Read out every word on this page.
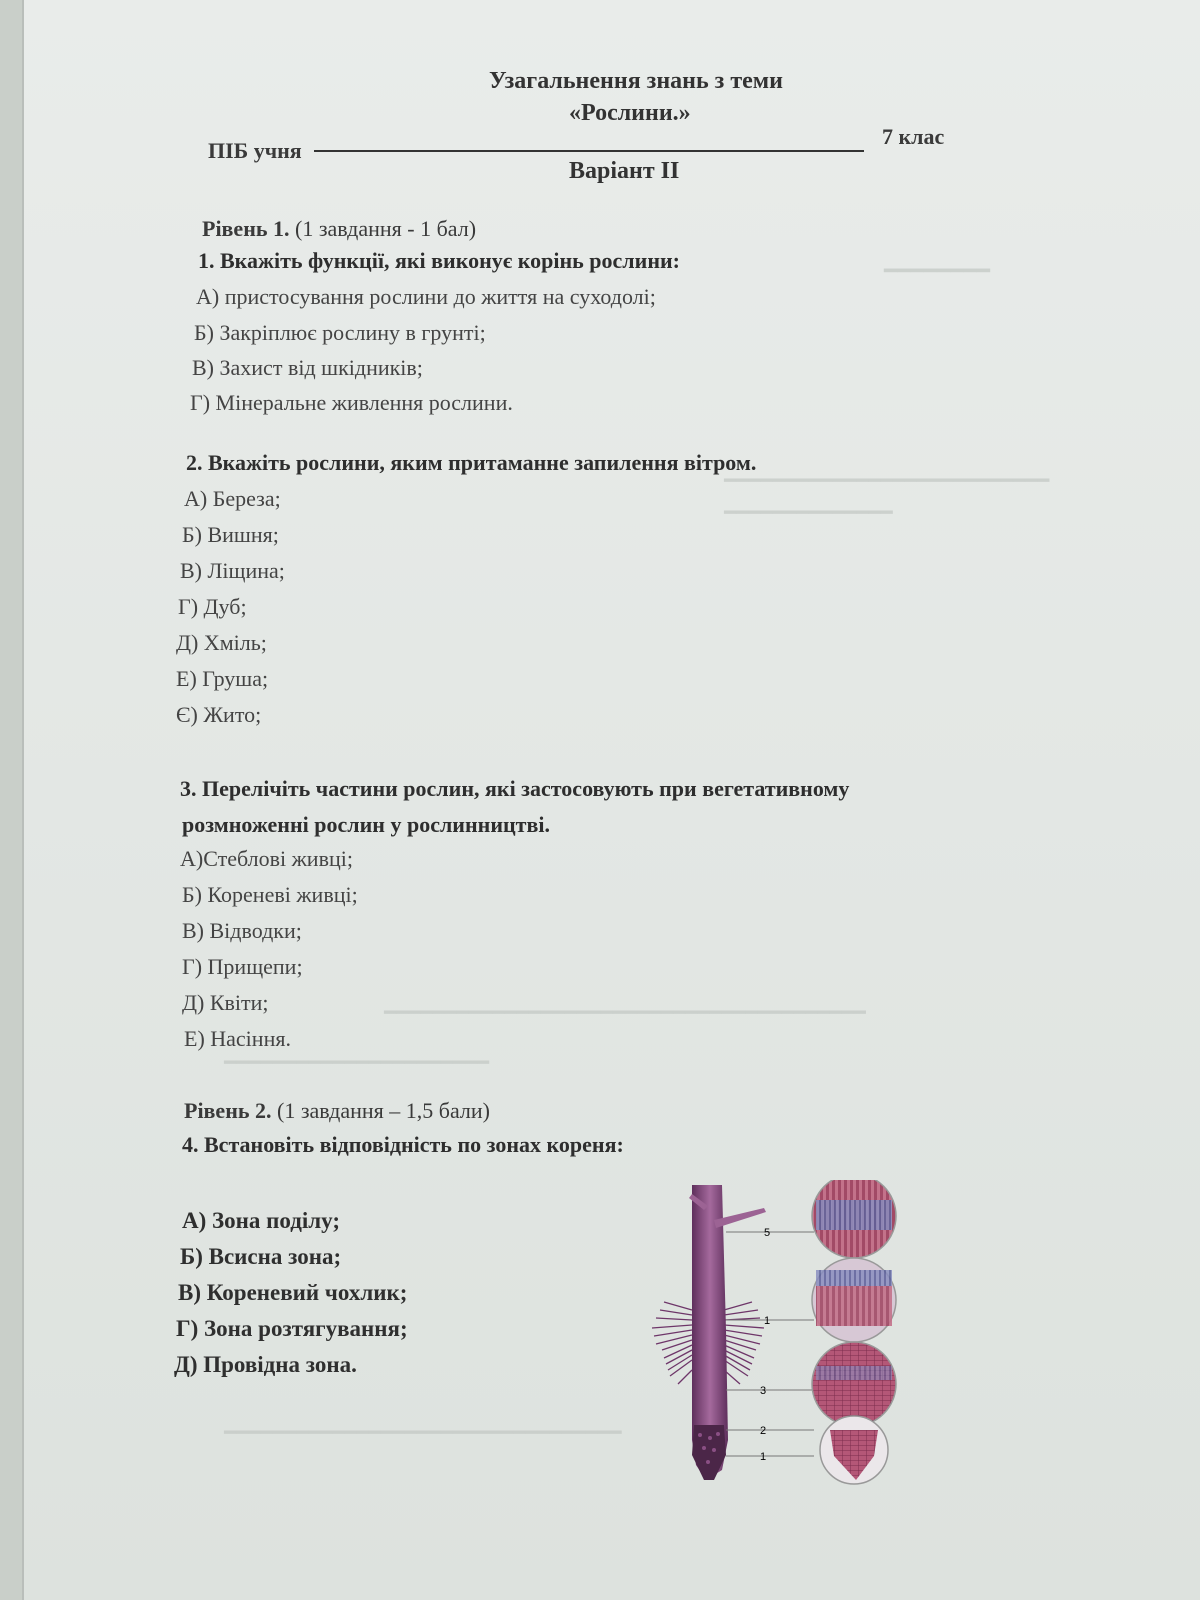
━━━━━━━━
━━━━━━━━━━━━━━━━━━━━━━━━━━━
━━━━━━━━━━━━━━
━━━━━━━━━━━━━━━━━━━━━━━━━━━━━━━━━━━━━━━━
━━━━━━━━━━━━━━━━━━━━━━
━━━━━━━━━━━━━━━━━━━━━━━━━━━━━━━━━
Узагальнення знань з теми
«Рослини.»
ПІБ учня
7 клас
Варіант ІІ
Рівень 1. (1 завдання - 1 бал)
1. Вкажіть функції, які виконує корінь рослини:
А) пристосування рослини до життя на суходолі;
Б) Закріплює рослину в грунті;
В) Захист від шкідників;
Г) Мінеральне живлення рослини.
2. Вкажіть рослини, яким притаманне запилення вітром.
А) Береза;
Б) Вишня;
В) Ліщина;
Г) Дуб;
Д) Хміль;
Е) Груша;
Є) Жито;
3. Перелічіть частини рослин, які застосовують при вегетативному
розмноженні рослин у рослинництві.
А)Стеблові живці;
Б) Кореневі живці;
В) Відводки;
Г) Прищепи;
Д) Квіти;
Е) Насіння.
Рівень 2. (1 завдання – 1,5 бали)
4. Встановіть відповідність по зонах кореня:
А) Зона поділу;
Б) Всисна зона;
В) Кореневий чохлик;
Г) Зона розтягування;
Д) Провідна зона.
5
1
3
2
1
